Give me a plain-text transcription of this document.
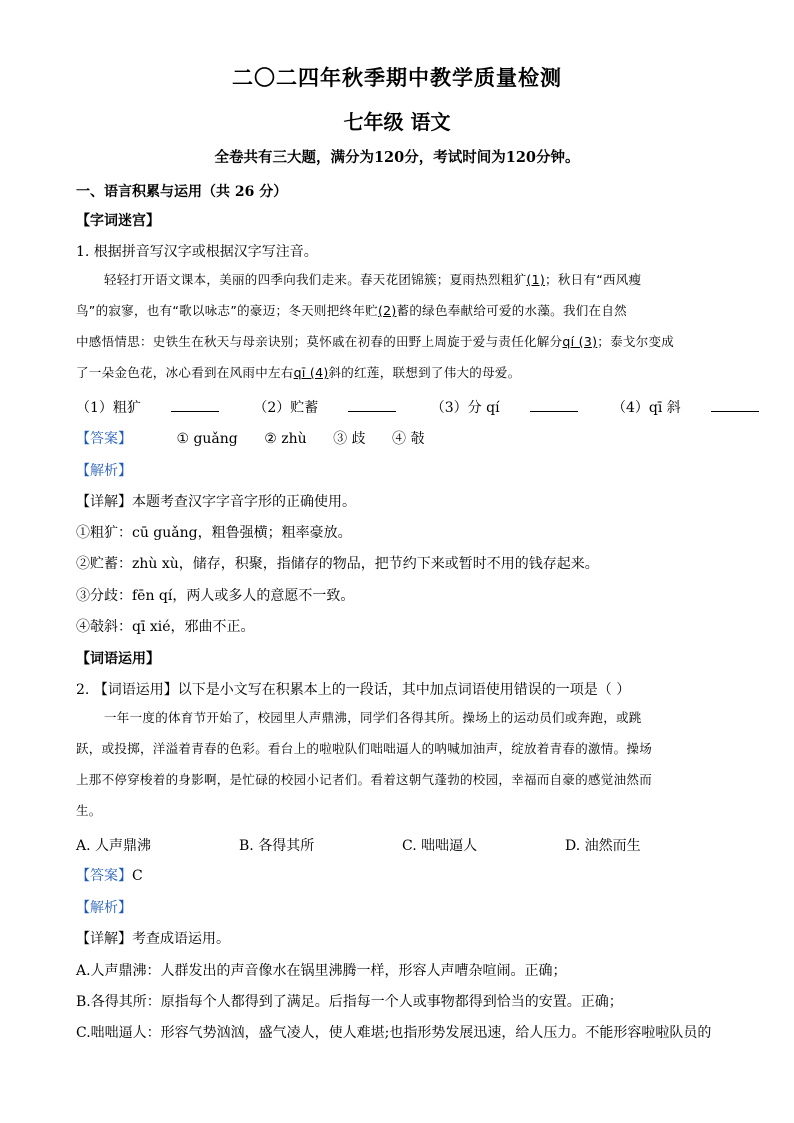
二〇二四年秋季期中教学质量检测
七年级 语文
全卷共有三大题，满分为120分，考试时间为120分钟。
一、语言积累与运用（共 26 分）
【字词迷宫】
1. 根据拼音写汉字或根据汉字写注音。

轻轻打开语文课本，美丽的四季向我们走来。春天花团锦簇；夏雨热烈粗犷(1)；秋日有“西风瘦

鸟”的寂寥，也有“歌以咏志”的豪迈；冬天则把终年贮(2)蓄的绿色奉献给可爱的水藻。我们在自然

中感悟情思：史铁生在秋天与母亲诀别；莫怀戚在初春的田野上周旋于爱与责任化解分qí (3)；泰戈尔变成

了一朵金色花，冰心看到在风雨中左右qī (4)斜的红莲，联想到了伟大的母爱。

（1）粗犷	（2）贮蓄	（3）分 qí	（4）qī 斜
【答案】	① guǎng ② zhù ③ 歧 ④ 攲
【解析】
【详解】本题考查汉字字音字形的正确使用。
①粗犷：cū guǎng，粗鲁强横；粗率豪放。
②贮蓄：zhù xù，储存，积聚，指储存的物品，把节约下来或暂时不用的钱存起来。
③分歧：fēn qí，两人或多人的意愿不一致。
④攲斜：qī xié，邪曲不正。
【词语运用】
2. 【词语运用】以下是小文写在积累本上的一段话，其中加点词语使用错误的一项是（ ）

一年一度的体育节开始了，校园里人声鼎沸，同学们各得其所。操场上的运动员们或奔跑，或跳

跃，或投掷，洋溢着青春的色彩。看台上的啦啦队们咄咄逼人的呐喊加油声，绽放着青春的激情。操场

上那不停穿梭着的身影啊，是忙碌的校园小记者们。看着这朝气蓬勃的校园，幸福而自豪的感觉油然而

生。

A. 人声鼎沸	B. 各得其所	C. 咄咄逼人	D. 油然而生
【答案】C
【解析】
【详解】考查成语运用。
A.人声鼎沸：人群发出的声音像水在锅里沸腾一样，形容人声嘈杂喧闹。正确；
B.各得其所：原指每个人都得到了满足。后指每一个人或事物都得到恰当的安置。正确；
C.咄咄逼人：形容气势汹汹，盛气凌人，使人难堪;也指形势发展迅速，给人压力。不能形容啦啦队员的
